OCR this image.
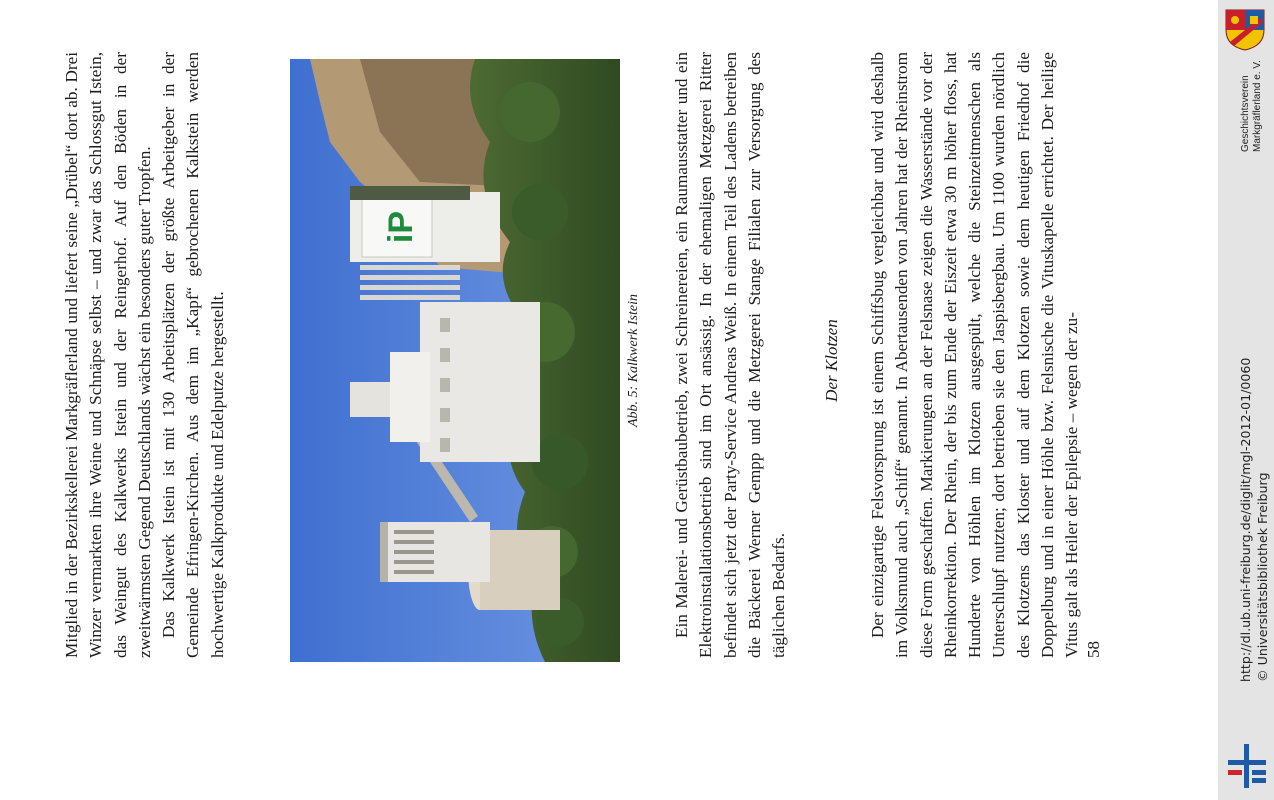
Mitglied in der Bezirkskellerei Markgräflerland und liefert seine „Drübel“ dort ab. Drei Winzer vermarkten ihre Weine und Schnäpse selbst – und zwar das Schlossgut Istein, das Weingut des Kalkwerks Istein und der Reingerhof. Auf den Böden in der zweitwärmsten Gegend Deutschlands wächst ein besonders guter Tropfen. Das Kalkwerk Istein ist mit 130 Arbeitsplätzen der größte Arbeitgeber in der Gemeinde Efringen-Kirchen. Aus dem im „Kapf“ gebrochenen Kalkstein werden hochwertige Kalkprodukte und Edelputze hergestellt.

iP
Abb. 5: Kalkwerk Istein Ein Malerei- und Gerüstbaubetrieb, zwei Schreinereien, ein Raumausstatter und ein Elektroinstallationsbetrieb sind im Ort ansässig. In der ehemaligen Metzgerei Ritter befindet sich jetzt der Party-Service Andreas Weiß. In einem Teil des Ladens betreiben die Bäckerei Werner Gempp und die Metzgerei Stange Filialen zur Versorgung des täglichen Bedarfs.

Der Klotzen Der einzigartige Felsvorsprung ist einem Schiffsbug vergleichbar und wird deshalb im Volksmund auch „Schiff“ genannt. In Abertausenden von Jahren hat der Rheinstrom diese Form geschaffen. Markierungen an der Felsnase zeigen die Wasserstände vor der Rheinkorrektion. Der Rhein, der bis zum Ende der Eiszeit etwa 30 m höher floss, hat Hunderte von Höhlen im Klotzen ausgespült, welche die Steinzeitmenschen als Unterschlupf nutzten; dort betrieben sie den Jaspisbergbau. Um 1100 wurden nördlich des Klotzens das Kloster und auf dem Klotzen sowie dem heutigen Friedhof die Doppelburg und in einer Höhle bzw. Felsnische die Vituskapelle errichtet. Der heilige Vitus galt als Heiler der Epilepsie – wegen der zu- 58	http://dl.ub.uni-freiburg.de/diglit/mgl-2012-01/0060 © Universitätsbibliothek Freiburg
Geschichtsverein Markgräflerland e. V.
